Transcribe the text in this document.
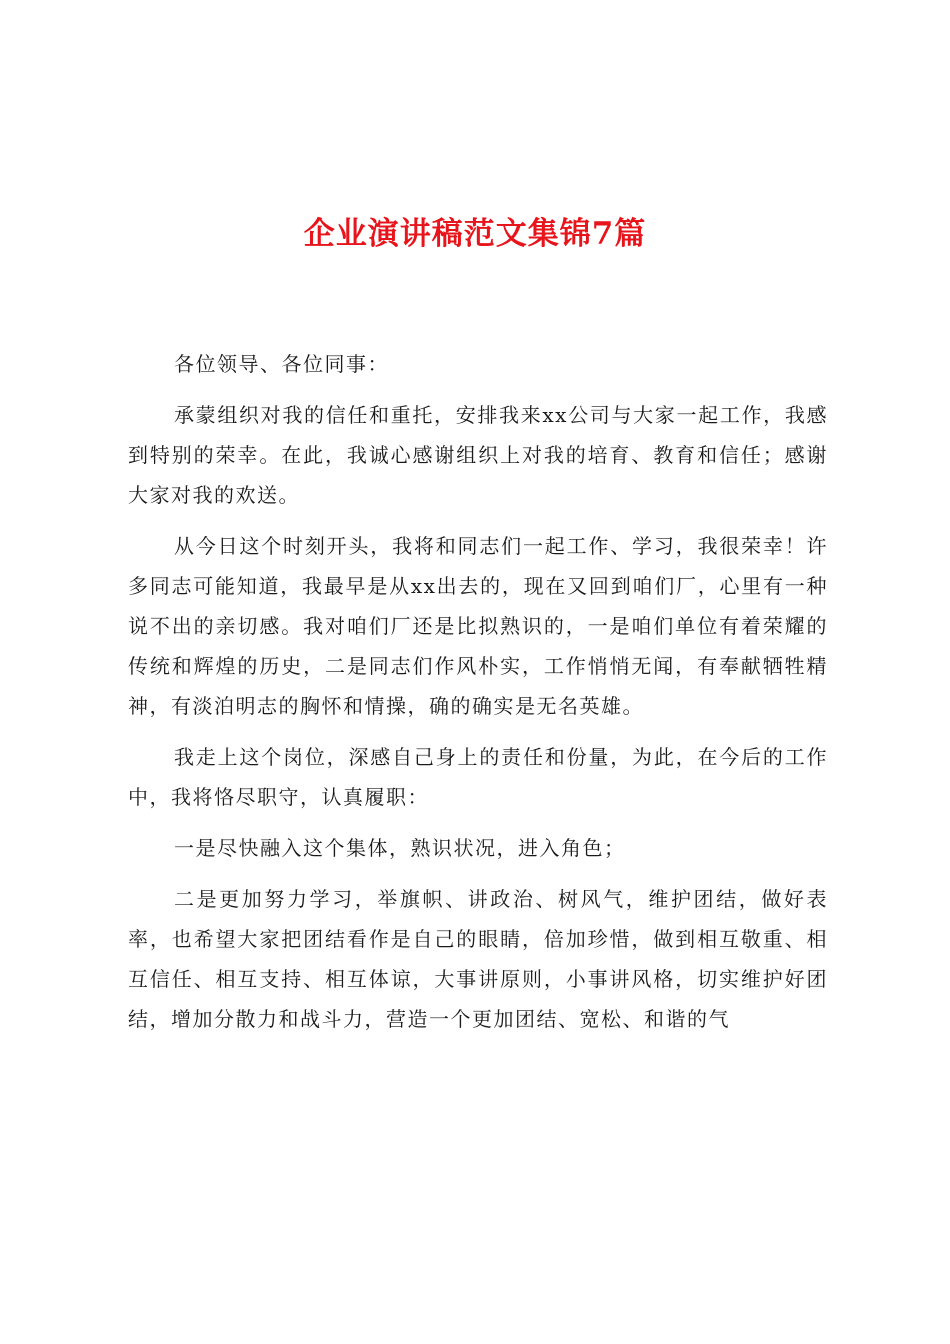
企业演讲稿范文集锦7篇

各位领导、各位同事：

承蒙组织对我的信任和重托，安排我来xx公司与大家一起工作，我感到特别的荣幸。在此，我诚心感谢组织上对我的培育、教育和信任；感谢大家对我的欢送。

从今日这个时刻开头，我将和同志们一起工作、学习，我很荣幸！许多同志可能知道，我最早是从xx出去的，现在又回到咱们厂，心里有一种说不出的亲切感。我对咱们厂还是比拟熟识的，一是咱们单位有着荣耀的传统和辉煌的历史，二是同志们作风朴实，工作悄悄无闻，有奉献牺牲精神，有淡泊明志的胸怀和情操，确的确实是无名英雄。

我走上这个岗位，深感自己身上的责任和份量，为此，在今后的工作中，我将恪尽职守，认真履职：

一是尽快融入这个集体，熟识状况，进入角色；

二是更加努力学习，举旗帜、讲政治、树风气，维护团结，做好表率，也希望大家把团结看作是自己的眼睛，倍加珍惜，做到相互敬重、相互信任、相互支持、相互体谅，大事讲原则，小事讲风格，切实维护好团结，增加分散力和战斗力，营造一个更加团结、宽松、和谐的气
